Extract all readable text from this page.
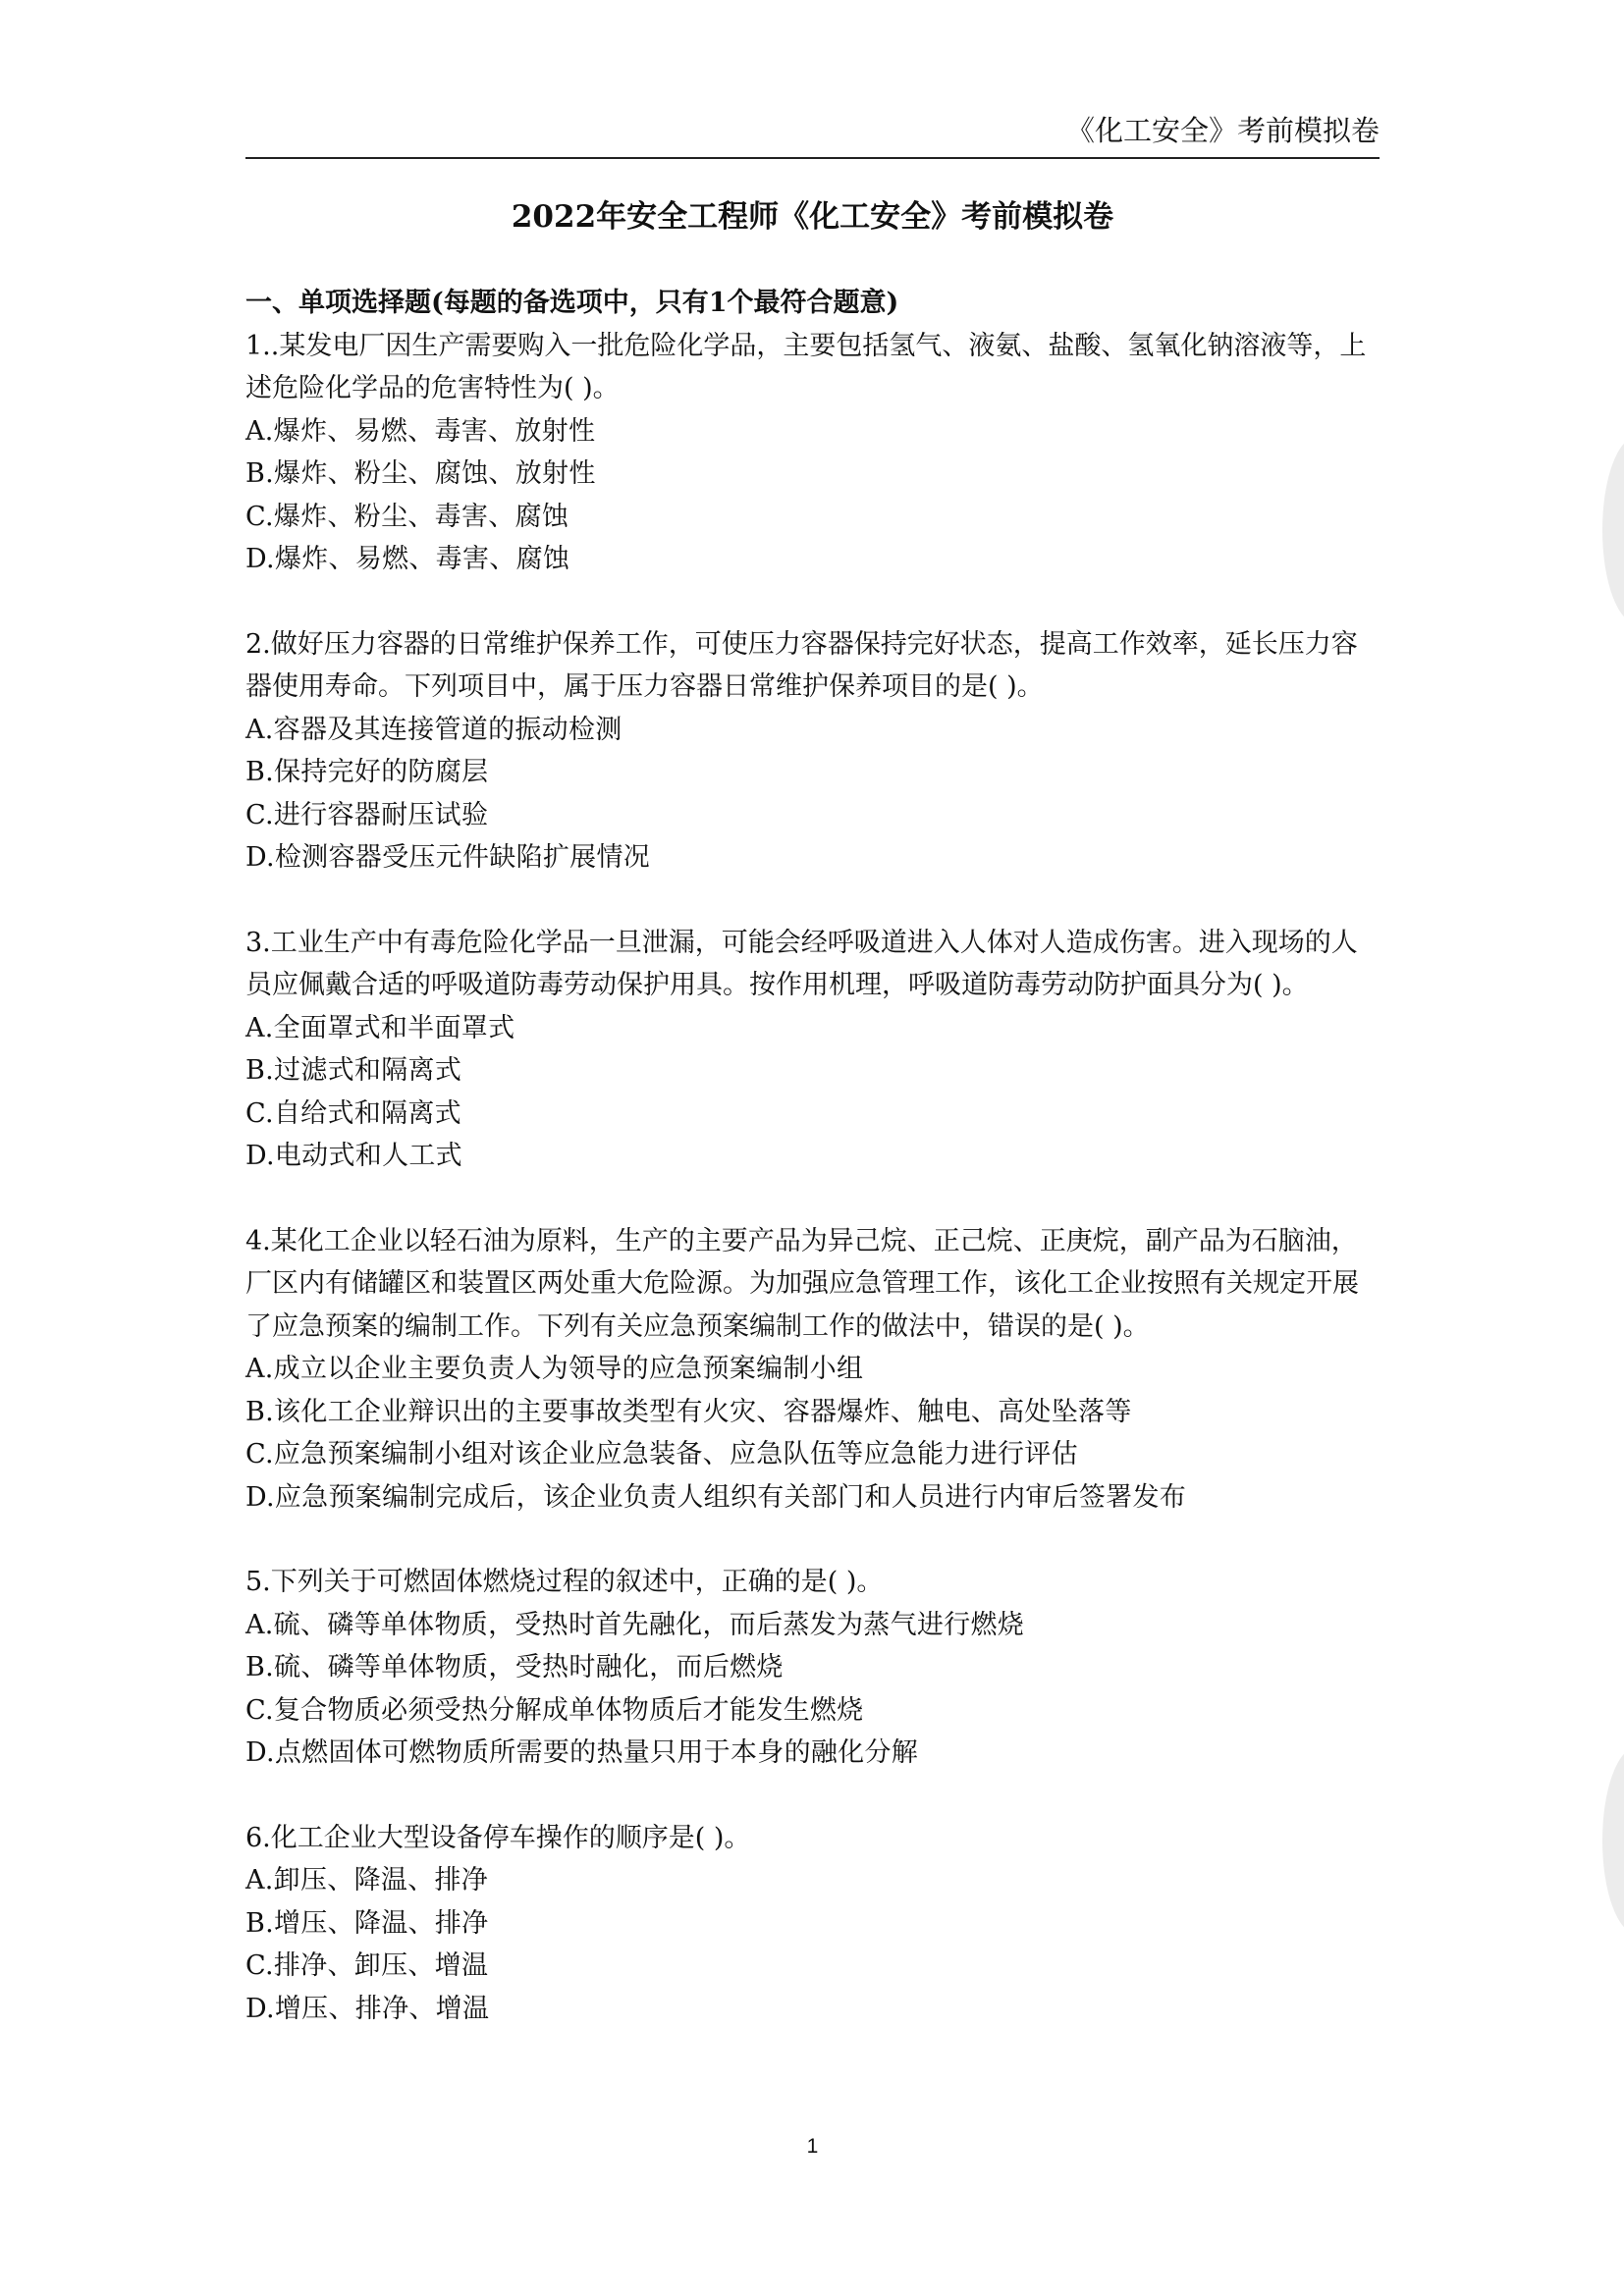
《化工安全》考前模拟卷
2022年安全工程师《化工安全》考前模拟卷

一、单项选择题(每题的备选项中，只有1个最符合题意)

1..某发电厂因生产需要购入一批危险化学品，主要包括氢气、液氨、盐酸、氢氧化钠溶液等，上述危险化学品的危害特性为( )。

A.爆炸、易燃、毒害、放射性

B.爆炸、粉尘、腐蚀、放射性

C.爆炸、粉尘、毒害、腐蚀

D.爆炸、易燃、毒害、腐蚀

2.做好压力容器的日常维护保养工作，可使压力容器保持完好状态，提高工作效率，延长压力容器使用寿命。下列项目中，属于压力容器日常维护保养项目的是( )。

A.容器及其连接管道的振动检测

B.保持完好的防腐层

C.进行容器耐压试验

D.检测容器受压元件缺陷扩展情况

3.工业生产中有毒危险化学品一旦泄漏，可能会经呼吸道进入人体对人造成伤害。进入现场的人员应佩戴合适的呼吸道防毒劳动保护用具。按作用机理，呼吸道防毒劳动防护面具分为( )。

A.全面罩式和半面罩式

B.过滤式和隔离式

C.自给式和隔离式

D.电动式和人工式

4.某化工企业以轻石油为原料，生产的主要产品为异己烷、正己烷、正庚烷，副产品为石脑油，厂区内有储罐区和装置区两处重大危险源。为加强应急管理工作，该化工企业按照有关规定开展了应急预案的编制工作。下列有关应急预案编制工作的做法中，错误的是( )。

A.成立以企业主要负责人为领导的应急预案编制小组

B.该化工企业辩识出的主要事故类型有火灾、容器爆炸、触电、高处坠落等

C.应急预案编制小组对该企业应急装备、应急队伍等应急能力进行评估

D.应急预案编制完成后，该企业负责人组织有关部门和人员进行内审后签署发布

5.下列关于可燃固体燃烧过程的叙述中，正确的是( )。

A.硫、磷等单体物质，受热时首先融化，而后蒸发为蒸气进行燃烧

B.硫、磷等单体物质，受热时融化，而后燃烧

C.复合物质必须受热分解成单体物质后才能发生燃烧

D.点燃固体可燃物质所需要的热量只用于本身的融化分解

6.化工企业大型设备停车操作的顺序是( )。

A.卸压、降温、排净

B.增压、降温、排净

C.排净、卸压、增温

D.增压、排净、增温

1
